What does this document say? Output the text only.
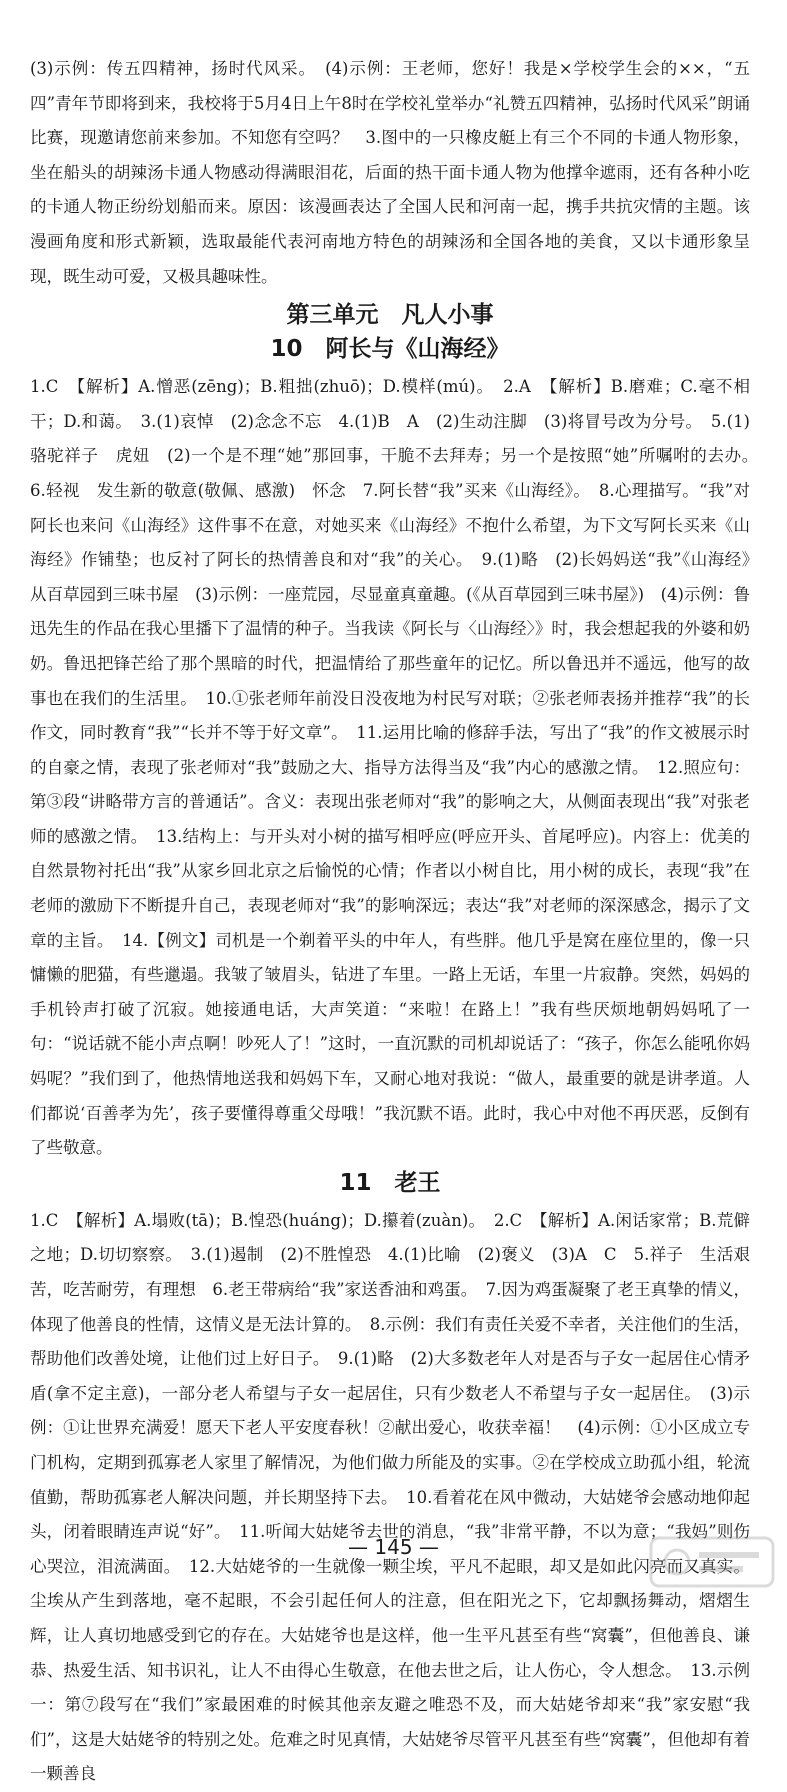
(3)示例：传五四精神，扬时代风采。　(4)示例：王老师，您好！我是×学校学生会的××，“五四”青年节即将到来，我校将于5月4日上午8时在学校礼堂举办“礼赞五四精神，弘扬时代风采”朗诵比赛，现邀请您前来参加。不知您有空吗？　3.图中的一只橡皮艇上有三个不同的卡通人物形象，坐在船头的胡辣汤卡通人物感动得满眼泪花，后面的热干面卡通人物为他撑伞遮雨，还有各种小吃的卡通人物正纷纷划船而来。原因：该漫画表达了全国人民和河南一起，携手共抗灾情的主题。该漫画角度和形式新颖，选取最能代表河南地方特色的胡辣汤和全国各地的美食，又以卡通形象呈现，既生动可爱，又极具趣味性。

第三单元　凡人小事
10　阿长与《山海经》

1.C　【解析】A.憎恶(zēng)；B.粗拙(zhuō)；D.模样(mú)。　2.A　【解析】B.磨难；C.毫不相干；D.和蔼。　3.(1)哀悼　(2)念念不忘　4.(1)B　A　(2)生动注脚　(3)将冒号改为分号。　5.(1)骆驼祥子　虎妞　(2)一个是不理“她”那回事，干脆不去拜寿；另一个是按照“她”所嘱咐的去办。　6.轻视　发生新的敬意(敬佩、感激)　怀念　7.阿长替“我”买来《山海经》。　8.心理描写。“我”对阿长也来问《山海经》这件事不在意，对她买来《山海经》不抱什么希望，为下文写阿长买来《山海经》作铺垫；也反衬了阿长的热情善良和对“我”的关心。　9.(1)略　(2)长妈妈送“我”《山海经》　从百草园到三味书屋　(3)示例：一座荒园，尽显童真童趣。(《从百草园到三味书屋》)　(4)示例：鲁迅先生的作品在我心里播下了温情的种子。当我读《阿长与〈山海经〉》时，我会想起我的外婆和奶奶。鲁迅把锋芒给了那个黑暗的时代，把温情给了那些童年的记忆。所以鲁迅并不遥远，他写的故事也在我们的生活里。　10.①张老师年前没日没夜地为村民写对联；②张老师表扬并推荐“我”的长作文，同时教育“我”“长并不等于好文章”。　11.运用比喻的修辞手法，写出了“我”的作文被展示时的自豪之情，表现了张老师对“我”鼓励之大、指导方法得当及“我”内心的感激之情。　12.照应句：第③段“讲略带方言的普通话”。含义：表现出张老师对“我”的影响之大，从侧面表现出“我”对张老师的感激之情。　13.结构上：与开头对小树的描写相呼应(呼应开头、首尾呼应)。内容上：优美的自然景物衬托出“我”从家乡回北京之后愉悦的心情；作者以小树自比，用小树的成长，表现“我”在老师的激励下不断提升自己，表现老师对“我”的影响深远；表达“我”对老师的深深感念，揭示了文章的主旨。　14.【例文】司机是一个剃着平头的中年人，有些胖。他几乎是窝在座位里的，像一只慵懒的肥猫，有些邋遢。我皱了皱眉头，钻进了车里。一路上无话，车里一片寂静。突然，妈妈的手机铃声打破了沉寂。她接通电话，大声笑道：“来啦！在路上！”我有些厌烦地朝妈妈吼了一句：“说话就不能小声点啊！吵死人了！”这时，一直沉默的司机却说话了：“孩子，你怎么能吼你妈妈呢？”我们到了，他热情地送我和妈妈下车，又耐心地对我说：“做人，最重要的就是讲孝道。人们都说‘百善孝为先’，孩子要懂得尊重父母哦！”我沉默不语。此时，我心中对他不再厌恶，反倒有了些敬意。

11　老王

1.C　【解析】A.塌败(tā)；B.惶恐(huáng)；D.攥着(zuàn)。　2.C　【解析】A.闲话家常；B.荒僻之地；D.切切察察。　3.(1)遏制　(2)不胜惶恐　4.(1)比喻　(2)褒义　(3)A　C　5.祥子　生活艰苦，吃苦耐劳，有理想　6.老王带病给“我”家送香油和鸡蛋。　7.因为鸡蛋凝聚了老王真挚的情义，体现了他善良的性情，这情义是无法计算的。　8.示例：我们有责任关爱不幸者，关注他们的生活，帮助他们改善处境，让他们过上好日子。　9.(1)略　(2)大多数老年人对是否与子女一起居住心情矛盾(拿不定主意)，一部分老人希望与子女一起居住，只有少数老人不希望与子女一起居住。　(3)示例：①让世界充满爱！愿天下老人平安度春秋！②献出爱心，收获幸福！　(4)示例：①小区成立专门机构，定期到孤寡老人家里了解情况，为他们做力所能及的实事。②在学校成立助孤小组，轮流值勤，帮助孤寡老人解决问题，并长期坚持下去。　10.看着花在风中微动，大姑姥爷会感动地仰起头，闭着眼睛连声说“好”。　11.听闻大姑姥爷去世的消息，“我”非常平静，不以为意；“我妈”则伤心哭泣，泪流满面。　12.大姑姥爷的一生就像一颗尘埃，平凡不起眼，却又是如此闪亮而又真实。尘埃从产生到落地，毫不起眼，不会引起任何人的注意，但在阳光之下，它却飘扬舞动，熠熠生辉，让人真切地感受到它的存在。大姑姥爷也是这样，他一生平凡甚至有些“窝囊”，但他善良、谦恭、热爱生活、知书识礼，让人不由得心生敬意，在他去世之后，让人伤心，令人想念。　13.示例一：第⑦段写在“我们”家最困难的时候其他亲友避之唯恐不及，而大姑姥爷却来“我”家安慰“我们”，这是大姑姥爷的特别之处。危难之时见真情，大姑姥爷尽管平凡甚至有些“窝囊”，但他却有着一颗善良

— 145 —
